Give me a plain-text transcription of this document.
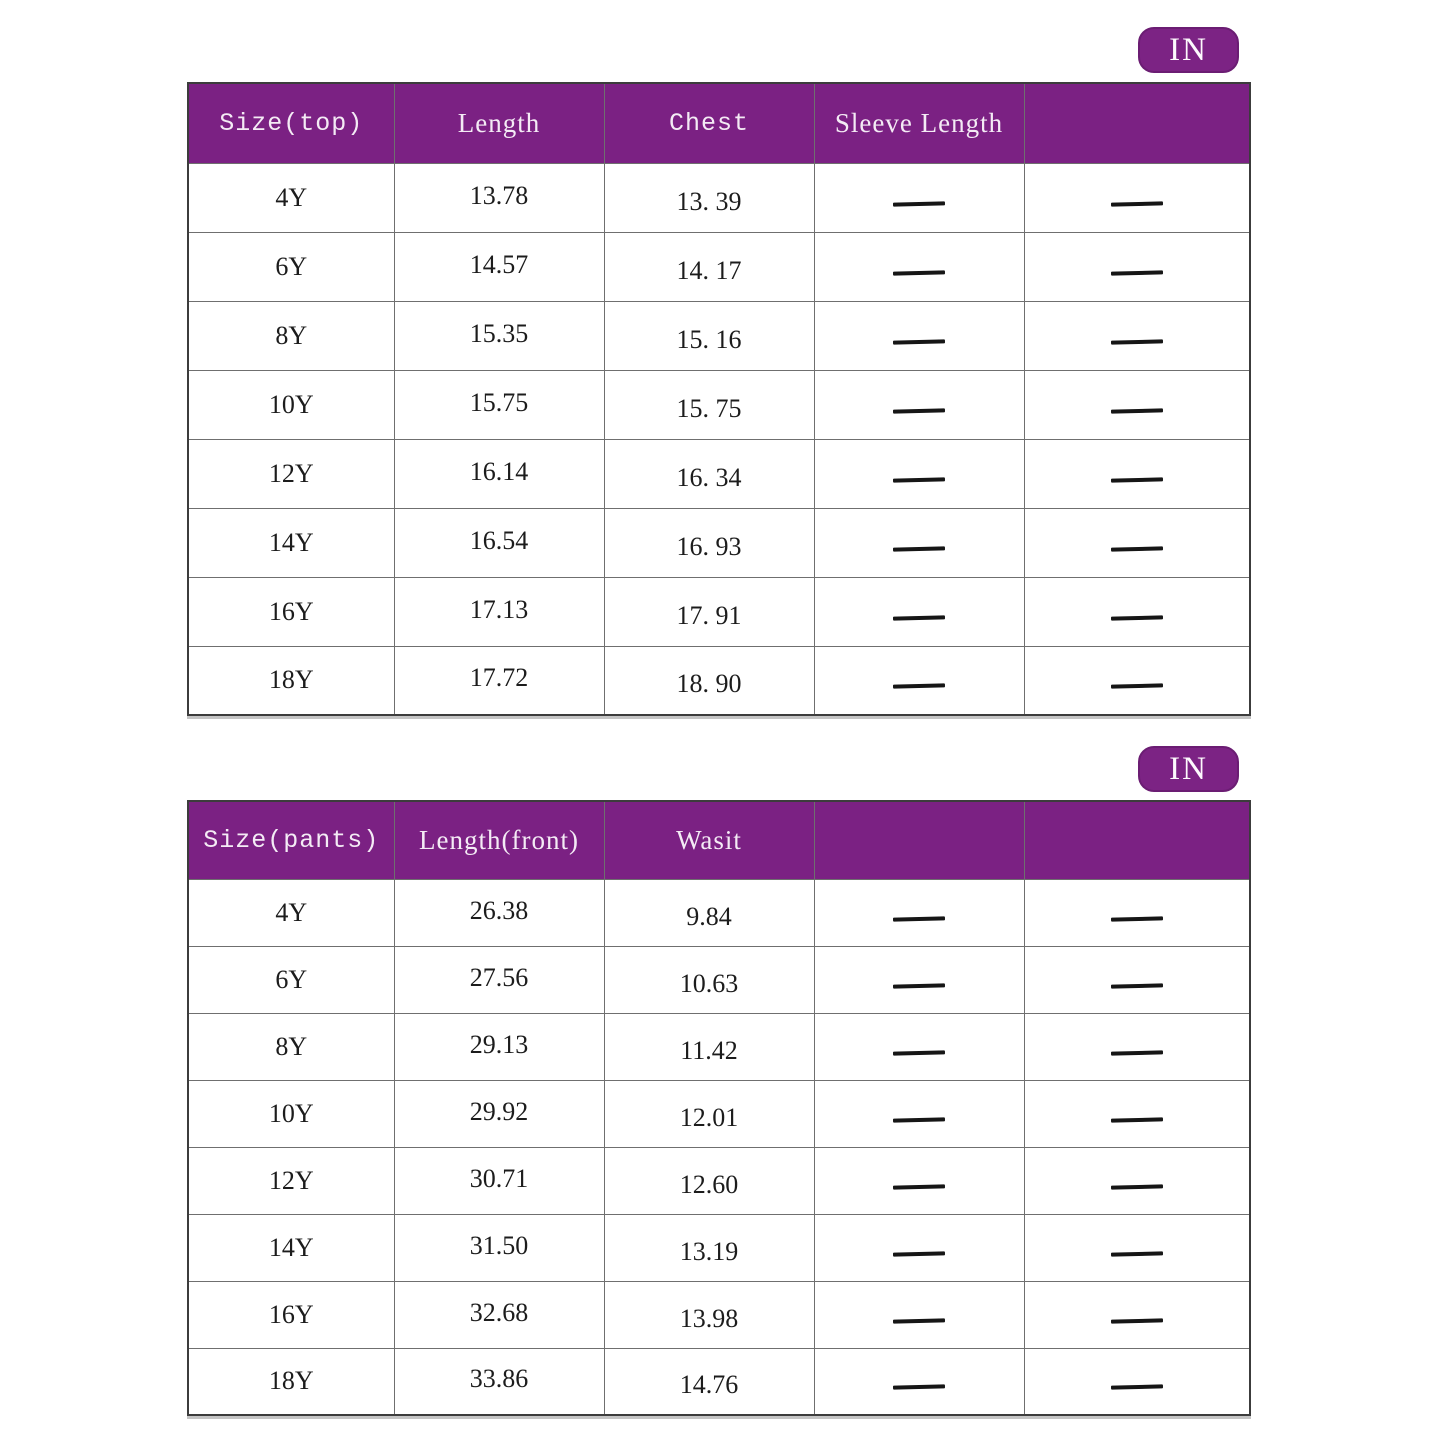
IN
Size(top)	Length	Chest	Sleeve Length	
4Y	13.78	13. 39		
6Y	14.57	14. 17		
8Y	15.35	15. 16		
10Y	15.75	15. 75		
12Y	16.14	16. 34		
14Y	16.54	16. 93		
16Y	17.13	17. 91		
18Y	17.72	18. 90		
IN
Size(pants)	Length(front)	Wasit		
4Y	26.38	9.84		
6Y	27.56	10.63		
8Y	29.13	11.42		
10Y	29.92	12.01		
12Y	30.71	12.60		
14Y	31.50	13.19		
16Y	32.68	13.98		
18Y	33.86	14.76		
